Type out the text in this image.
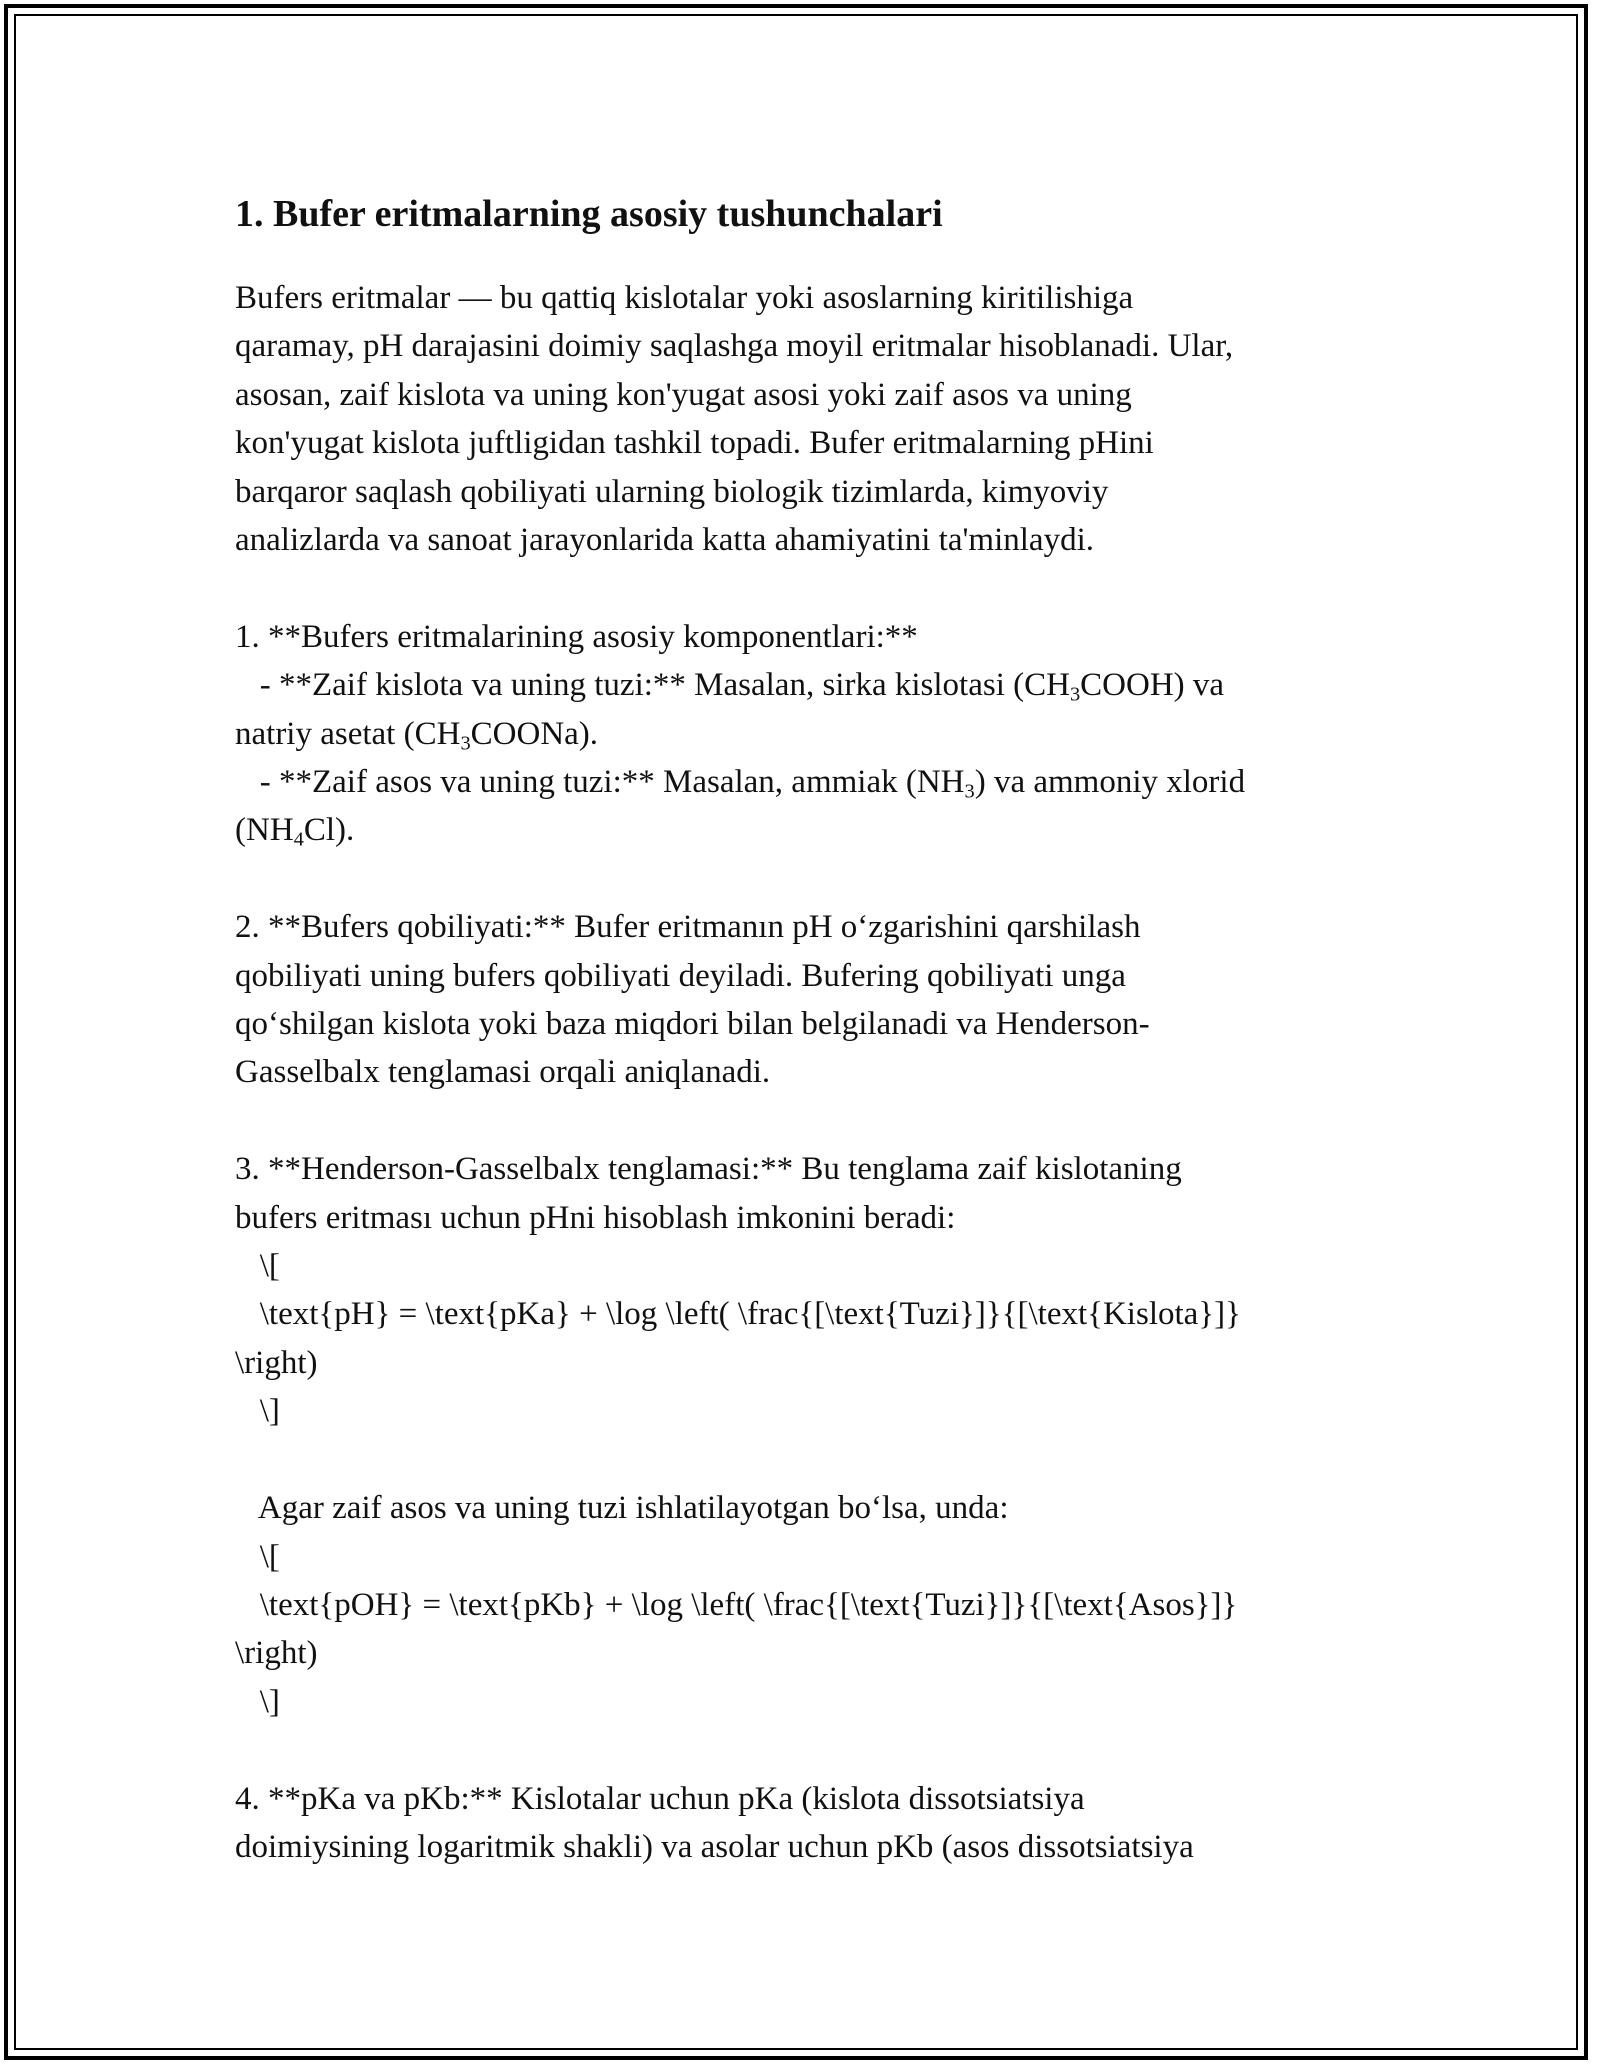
1. Bufer eritmalarning asosiy tushunchalari
Bufers eritmalar — bu qattiq kislotalar yoki asoslarning kiritilishiga
qaramay, pH darajasini doimiy saqlashga moyil eritmalar hisoblanadi. Ular,
asosan, zaif kislota va uning kon'yugat asosi yoki zaif asos va uning
kon'yugat kislota juftligidan tashkil topadi. Bufer eritmalarning pHini
barqaror saqlash qobiliyati ularning biologik tizimlarda, kimyoviy
analizlarda va sanoat jarayonlarida katta ahamiyatini ta'minlaydi.
1. **Bufers eritmalarining asosiy komponentlari:**
- **Zaif kislota va uning tuzi:** Masalan, sirka kislotasi $(CH_3COOH)$ va
natriy asetat $(CH_3COONa)$.
- **Zaif asos va uning tuzi:** Masalan, ammiak $(NH_3)$ va ammoniy xlorid
$(NH_4Cl)$.
2. **Bufers qobiliyati:** Bufer eritmanın pH o‘zgarishini qarshilash
qobiliyati uning bufers qobiliyati deyiladi. Bufering qobiliyati unga
qo‘shilgan kislota yoki baza miqdori bilan belgilanadi va Henderson-
Gasselbalx tenglamasi orqali aniqlanadi.
3. **Henderson-Gasselbalx tenglamasi:** Bu tenglama zaif kislotaning
bufers eritması uchun pHni hisoblash imkonini beradi:
\[
\text{pH} = \text{pKa} + \log \left( \frac{[\text{Tuzi}]}{[\text{Kislota}]}
\right)
\]
Agar zaif asos va uning tuzi ishlatilayotgan bo‘lsa, unda:
\[
\text{pOH} = \text{pKb} + \log \left( \frac{[\text{Tuzi}]}{[\text{Asos}]}
\right)
\]
4. **pKa va pKb:** Kislotalar uchun pKa (kislota dissotsiatsiya
doimiysining logaritmik shakli) va asolar uchun pKb (asos dissotsiatsiya
